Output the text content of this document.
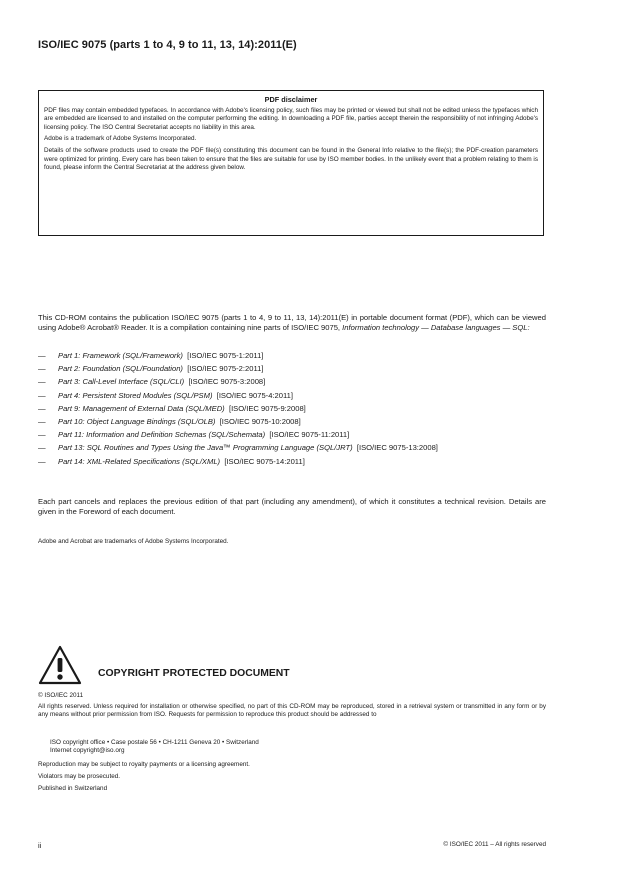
ISO/IEC 9075 (parts 1 to 4, 9 to 11, 13, 14):2011(E)
PDF disclaimer

PDF files may contain embedded typefaces. In accordance with Adobe's licensing policy, such files may be printed or viewed but shall not be edited unless the typefaces which are embedded are licensed to and installed on the computer performing the editing. In downloading a PDF file, parties accept therein the responsibility of not infringing Adobe's licensing policy. The ISO Central Secretariat accepts no liability in this area.

Adobe is a trademark of Adobe Systems Incorporated.

Details of the software products used to create the PDF file(s) constituting this document can be found in the General Info relative to the file(s); the PDF-creation parameters were optimized for printing. Every care has been taken to ensure that the files are suitable for use by ISO member bodies. In the unlikely event that a problem relating to them is found, please inform the Central Secretariat at the address given below.

This CD-ROM contains the publication ISO/IEC 9075 (parts 1 to 4, 9 to 11, 13, 14):2011(E) in portable document format (PDF), which can be viewed using Adobe® Acrobat® Reader. It is a compilation containing nine parts of ISO/IEC 9075, Information technology — Database languages — SQL:
— Part 1: Framework (SQL/Framework) [ISO/IEC 9075-1:2011]
— Part 2: Foundation (SQL/Foundation) [ISO/IEC 9075-2:2011]
— Part 3: Call-Level Interface (SQL/CLI) [ISO/IEC 9075-3:2008]
— Part 4: Persistent Stored Modules (SQL/PSM) [ISO/IEC 9075-4:2011]
— Part 9: Management of External Data (SQL/MED) [ISO/IEC 9075-9:2008]
— Part 10: Object Language Bindings (SQL/OLB) [ISO/IEC 9075-10:2008]
— Part 11: Information and Definition Schemas (SQL/Schemata) [ISO/IEC 9075-11:2011]
— Part 13: SQL Routines and Types Using the Java™ Programming Language (SQL/JRT) [ISO/IEC 9075-13:2008]
— Part 14: XML-Related Specifications (SQL/XML) [ISO/IEC 9075-14:2011]
Each part cancels and replaces the previous edition of that part (including any amendment), of which it constitutes a technical revision. Details are given in the Foreword of each document.
Adobe and Acrobat are trademarks of Adobe Systems Incorporated.
COPYRIGHT PROTECTED DOCUMENT
© ISO/IEC 2011
All rights reserved. Unless required for installation or otherwise specified, no part of this CD-ROM may be reproduced, stored in a retrieval system or transmitted in any form or by any means without prior permission from ISO. Requests for permission to reproduce this product should be addressed to
ISO copyright office • Case postale 56 • CH-1211 Geneva 20 • Switzerland
Internet copyright@iso.org
Reproduction may be subject to royalty payments or a licensing agreement.
Violators may be prosecuted.
Published in Switzerland
ii	© ISO/IEC 2011 – All rights reserved
